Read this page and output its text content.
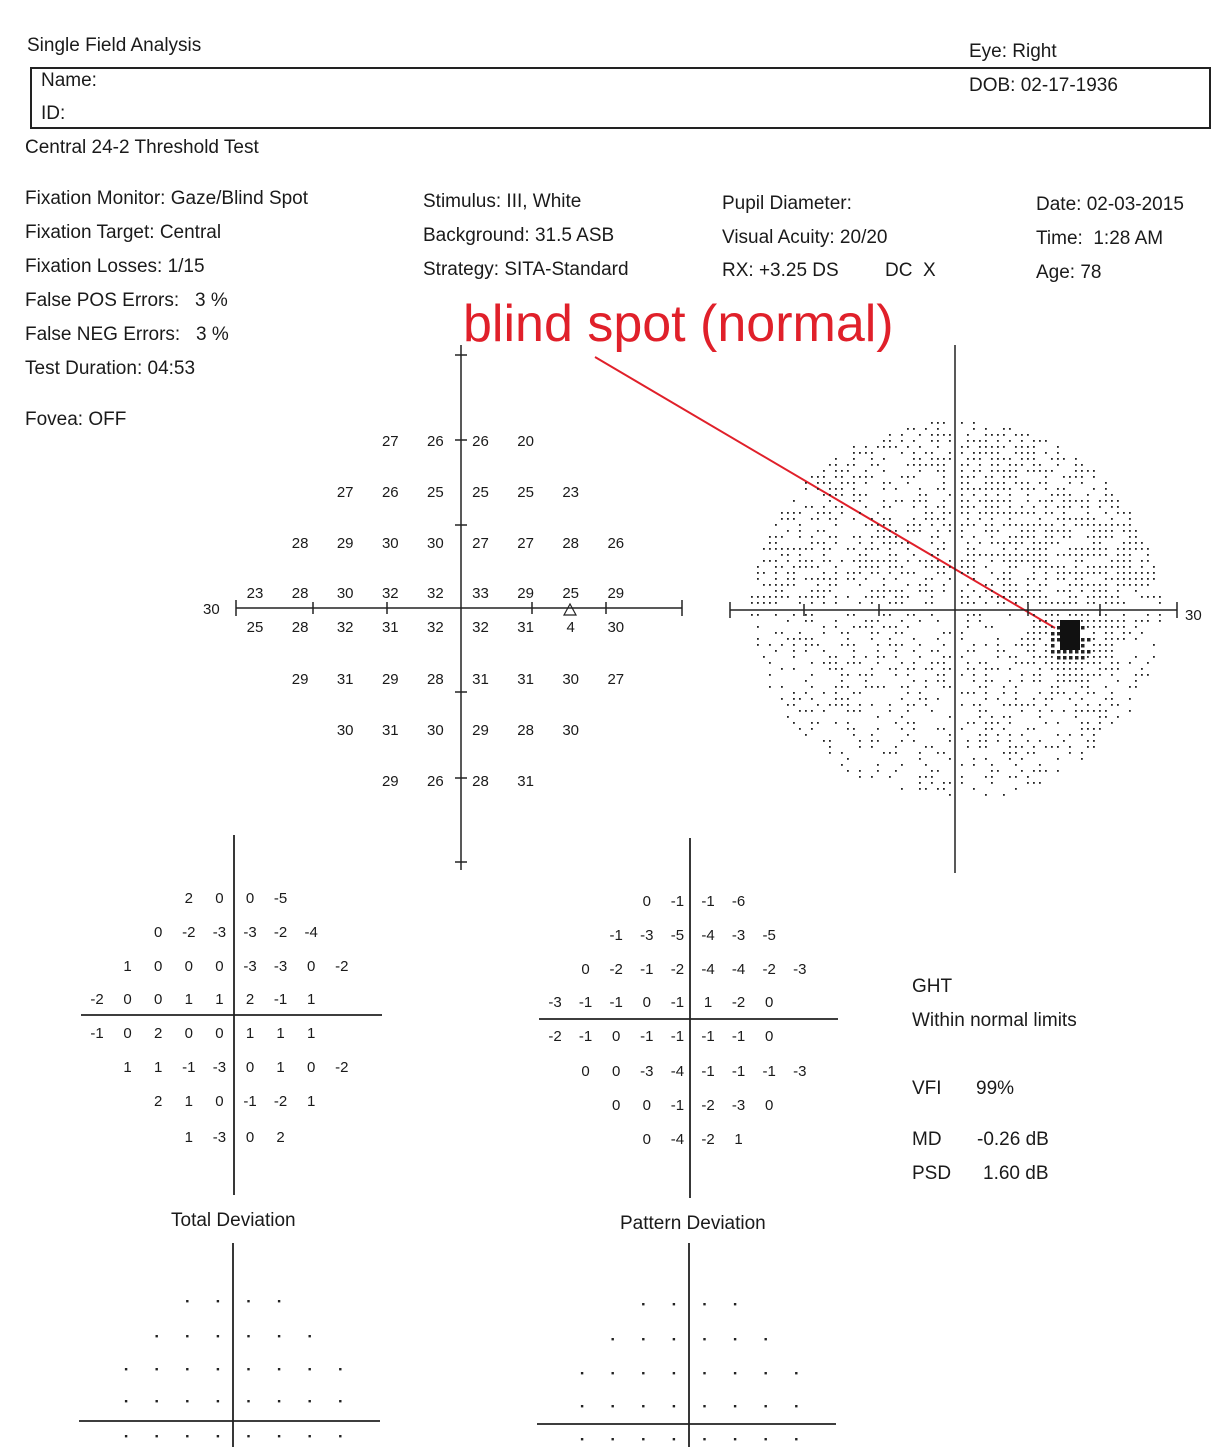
Single Field Analysis	Eye: Right
Name:
ID:
DOB: 02-17-1936
Central 24-2 Threshold Test
Fixation Monitor: Gaze/Blind Spot
Fixation Target: Central
Fixation Losses: 1/15
False POS Errors:   3 %
False NEG Errors:   3 %
Test Duration: 04:53
Fovea: OFF
Stimulus: III, White
Background: 31.5 ASB
Strategy: SITA-Standard
Pupil Diameter:
Visual Acuity: 20/20
RX: +3.25 DS DC  X
Date: 02-03-2015
Time:  1:28 AM
Age: 78
blind spot (normal)
GHT
Within normal limits
VFI 99%
MD -0.26 dB
PSD 1.60 dB
Total Deviation	Pattern Deviation
30	30
27 26 26 20
27 26 25 25 25 23
28 29 30 30 27 27 28 26
23 28 30 32 32 33 29 25 29
25 28 32 31 32 32 31 4 30
29 31 29 28 31 31 30 27
30 31 30 29 28 30
29 26 28 31
2 0 0 -5
0 -2 -3 -3 -2 -4
1 0 0 0 -3 -3 0 -2
-2 0 0 1 1 2 -1 1
-1 0 2 0 0 1 1 1
1 1 -1 -3 0 1 0 -2
2 1 0 -1 -2 1
1 -3 0 2
0 -1 -1 -6
-1 -3 -5 -4 -3 -5
0 -2 -1 -2 -4 -4 -2 -3
-3 -1 -1 0 -1 1 -2 0
-2 -1 0 -1 -1 -1 -1 0
0 0 -3 -4 -1 -1 -1 -3
0 0 -1 -2 -3 0
0 -4 -2 1
